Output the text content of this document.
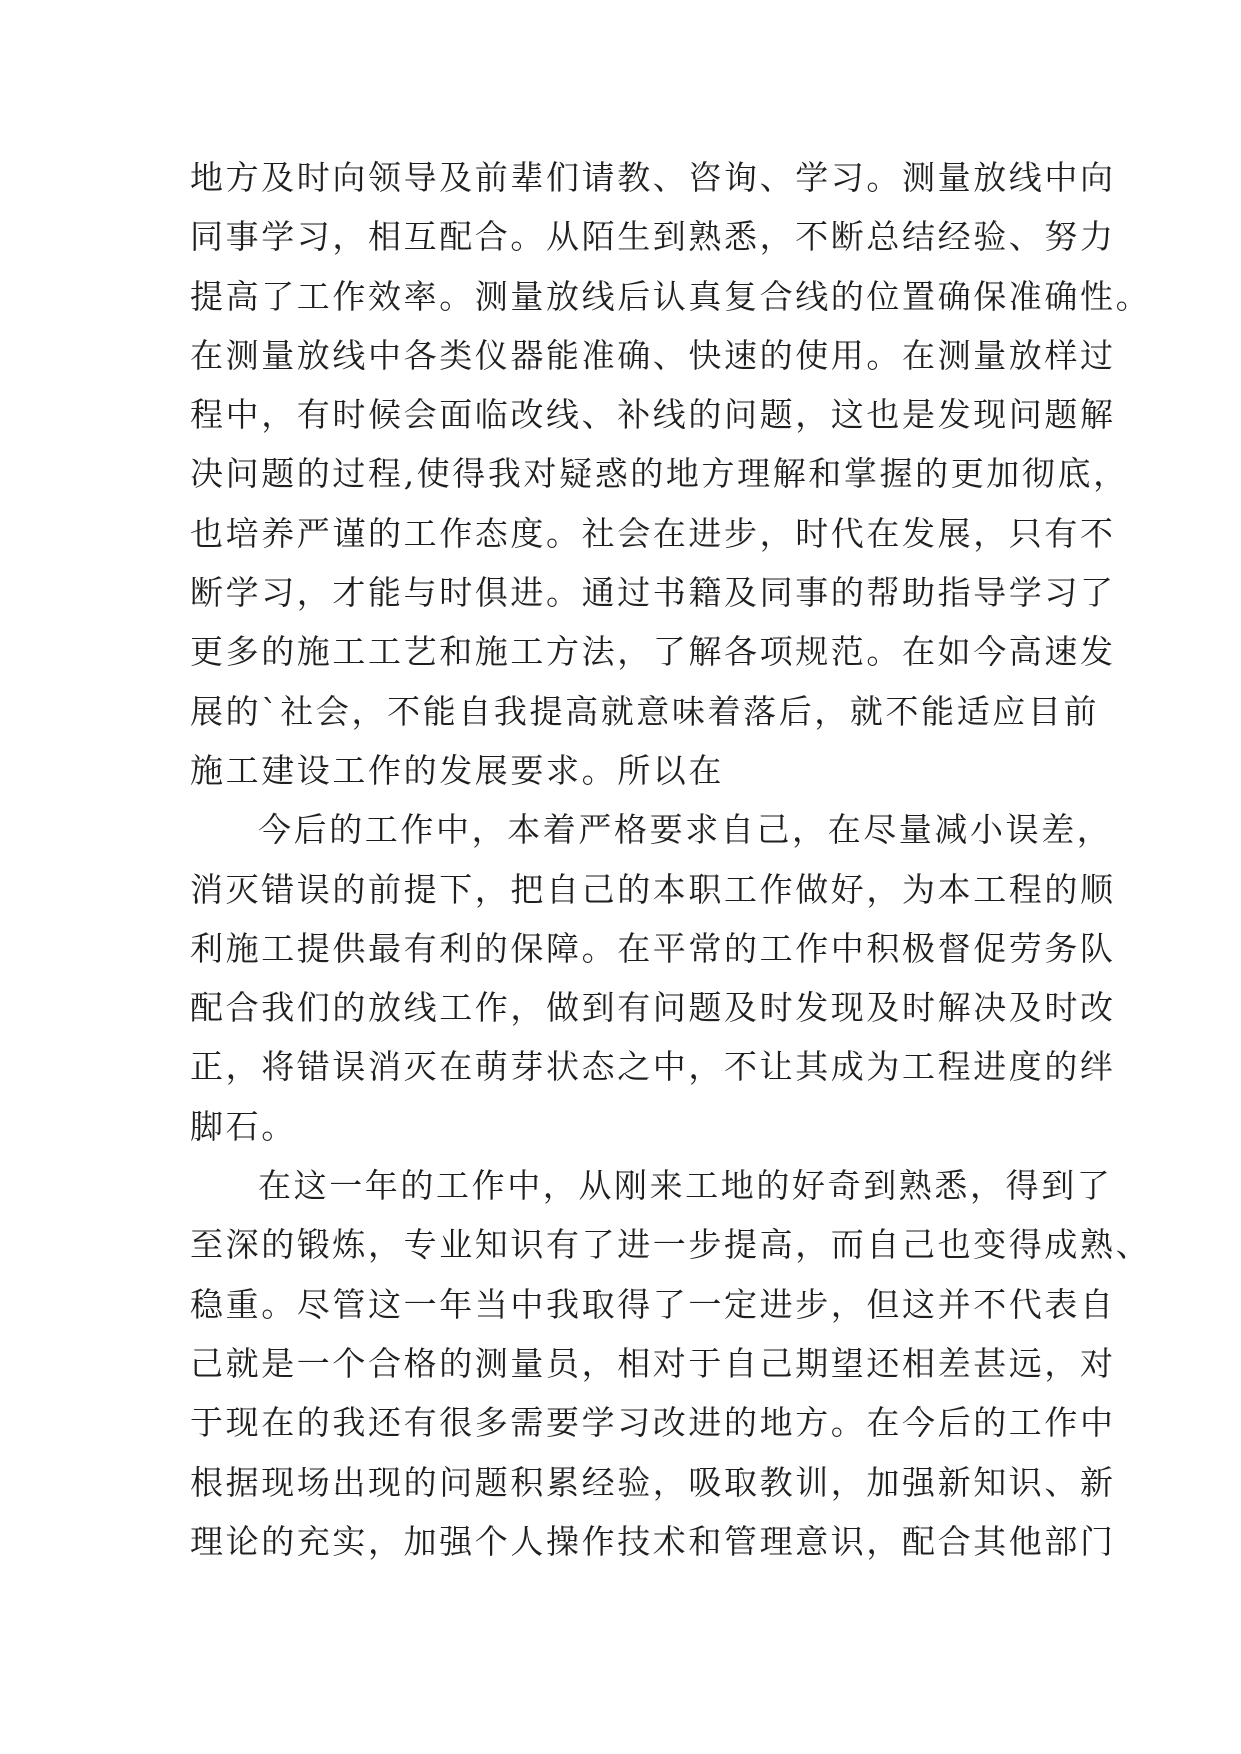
地方及时向领导及前辈们请教、咨询、学习。测量放线中向
同事学习，相互配合。从陌生到熟悉，不断总结经验、努力
提高了工作效率。测量放线后认真复合线的位置确保准确性。
在测量放线中各类仪器能准确、快速的使用。在测量放样过
程中，有时候会面临改线、补线的问题，这也是发现问题解
决问题的过程,使得我对疑惑的地方理解和掌握的更加彻底，
也培养严谨的工作态度。社会在进步，时代在发展，只有不
断学习，才能与时俱进。通过书籍及同事的帮助指导学习了
更多的施工工艺和施工方法，了解各项规范。在如今高速发
展的`社会，不能自我提高就意味着落后，就不能适应目前
施工建设工作的发展要求。所以在
今后的工作中，本着严格要求自己，在尽量减小误差，
消灭错误的前提下，把自己的本职工作做好，为本工程的顺
利施工提供最有利的保障。在平常的工作中积极督促劳务队
配合我们的放线工作，做到有问题及时发现及时解决及时改
正，将错误消灭在萌芽状态之中，不让其成为工程进度的绊
脚石。
在这一年的工作中，从刚来工地的好奇到熟悉，得到了
至深的锻炼，专业知识有了进一步提高，而自己也变得成熟、
稳重。尽管这一年当中我取得了一定进步，但这并不代表自
己就是一个合格的测量员，相对于自己期望还相差甚远，对
于现在的我还有很多需要学习改进的地方。在今后的工作中
根据现场出现的问题积累经验，吸取教训，加强新知识、新
理论的充实，加强个人操作技术和管理意识，配合其他部门
